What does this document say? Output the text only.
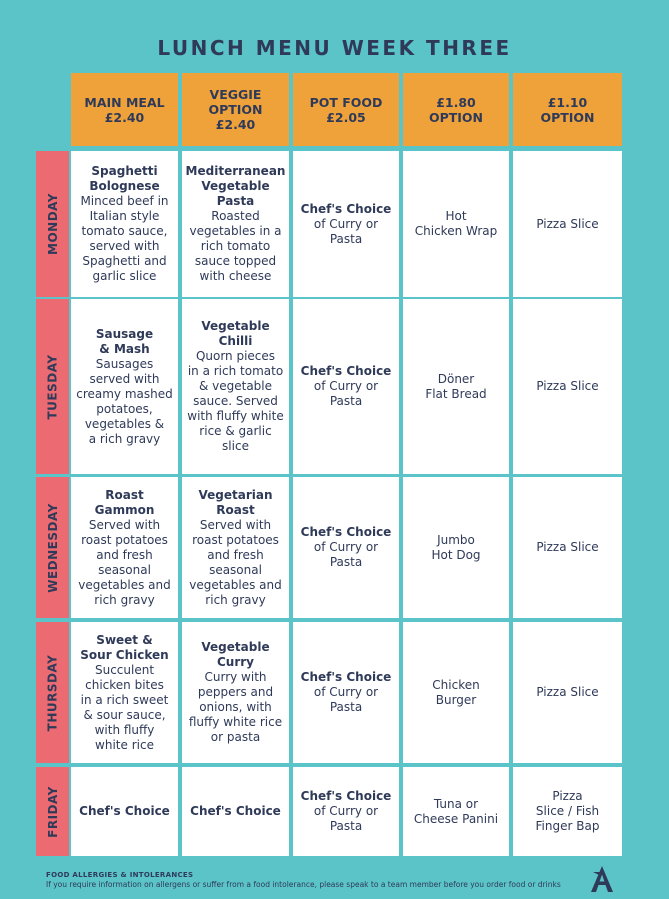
LUNCH MENU WEEK THREE
MAIN MEAL
£2.40
VEGGIE
OPTION
£2.40
POT FOOD
£2.05
£1.80
OPTION
£1.10
OPTION
MONDAY
Spaghetti
Bolognese
Minced beef in
Italian style
tomato sauce,
served with
Spaghetti and
garlic slice
Mediterranean
Vegetable
Pasta
Roasted
vegetables in a
rich tomato
sauce topped
with cheese
Chef's Choice
of Curry or
Pasta
Hot
Chicken Wrap
Pizza Slice
TUESDAY
Sausage
& Mash
Sausages
served with
creamy mashed
potatoes,
vegetables &
a rich gravy
Vegetable
Chilli
Quorn pieces
in a rich tomato
& vegetable
sauce. Served
with fluffy white
rice & garlic
slice
Chef's Choice
of Curry or
Pasta
Döner
Flat Bread
Pizza Slice
WEDNESDAY
Roast
Gammon
Served with
roast potatoes
and fresh
seasonal
vegetables and
rich gravy
Vegetarian
Roast
Served with
roast potatoes
and fresh
seasonal
vegetables and
rich gravy
Chef's Choice
of Curry or
Pasta
Jumbo
Hot Dog
Pizza Slice
THURSDAY
Sweet &
Sour Chicken
Succulent
chicken bites
in a rich sweet
& sour sauce,
with fluffy
white rice
Vegetable
Curry
Curry with
peppers and
onions, with
fluffy white rice
or pasta
Chef's Choice
of Curry or
Pasta
Chicken
Burger
Pizza Slice
FRIDAY Chef's Choice Chef's Choice
Chef's Choice
of Curry or
Pasta
Tuna or
Cheese Panini
Pizza
Slice / Fish
Finger Bap
FOOD ALLERGIES & INTOLERANCES
If you require information on allergens or suffer from a food intolerance, please speak to a team member before you order food or drinks
